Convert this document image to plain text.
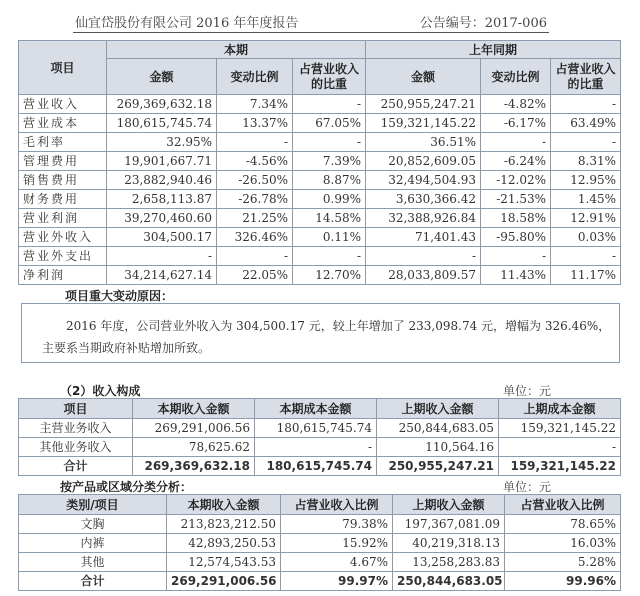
仙宜岱股份有限公司 2016 年年度报告	公告编号：2017-006
项目	本期			上年同期		
	金额	变动比例	占营业收入的比重	金额	变动比例	占营业收入的比重
营业收入	269,369,632.18	7.34%	-	250,955,247.21	-4.82%	-
营业成本	180,615,745.74	13.37%	67.05%	159,321,145.22	-6.17%	63.49%
毛利率	32.95%	-	-	36.51%	-	-
管理费用	19,901,667.71	-4.56%	7.39%	20,852,609.05	-6.24%	8.31%
销售费用	23,882,940.46	-26.50%	8.87%	32,494,504.93	-12.02%	12.95%
财务费用	2,658,113.87	-26.78%	0.99%	3,630,366.42	-21.53%	1.45%
营业利润	39,270,460.60	21.25%	14.58%	32,388,926.84	18.58%	12.91%
营业外收入	304,500.17	326.46%	0.11%	71,401.43	-95.80%	0.03%
营业外支出	-	-	-	-	-	-
净利润	34,214,627.14	22.05%	12.70%	28,033,809.57	11.43%	11.17%
项目重大变动原因：

2016 年度，公司营业外收入为 304,500.17 元，较上年增加了 233,098.74 元，增幅为 326.46%，

主要系当期政府补贴增加所致。

（2）收入构成	单位：元
项目	本期收入金额	本期成本金额	上期收入金额	上期成本金额
主营业务收入	269,291,006.56	180,615,745.74	250,844,683.05	159,321,145.22
其他业务收入	78,625.62	-	110,564.16	-
合计	269,369,632.18	180,615,745.74	250,955,247.21	159,321,145.22
按产品或区域分类分析：	单位：元
类别/项目	本期收入金额	占营业收入比例	上期收入金额	占营业收入比例
文胸	213,823,212.50	79.38%	197,367,081.09	78.65%
内裤	42,893,250.53	15.92%	40,219,318.13	16.03%
其他	12,574,543.53	4.67%	13,258,283.83	5.28%
合计	269,291,006.56	99.97%	250,844,683.05	99.96%
